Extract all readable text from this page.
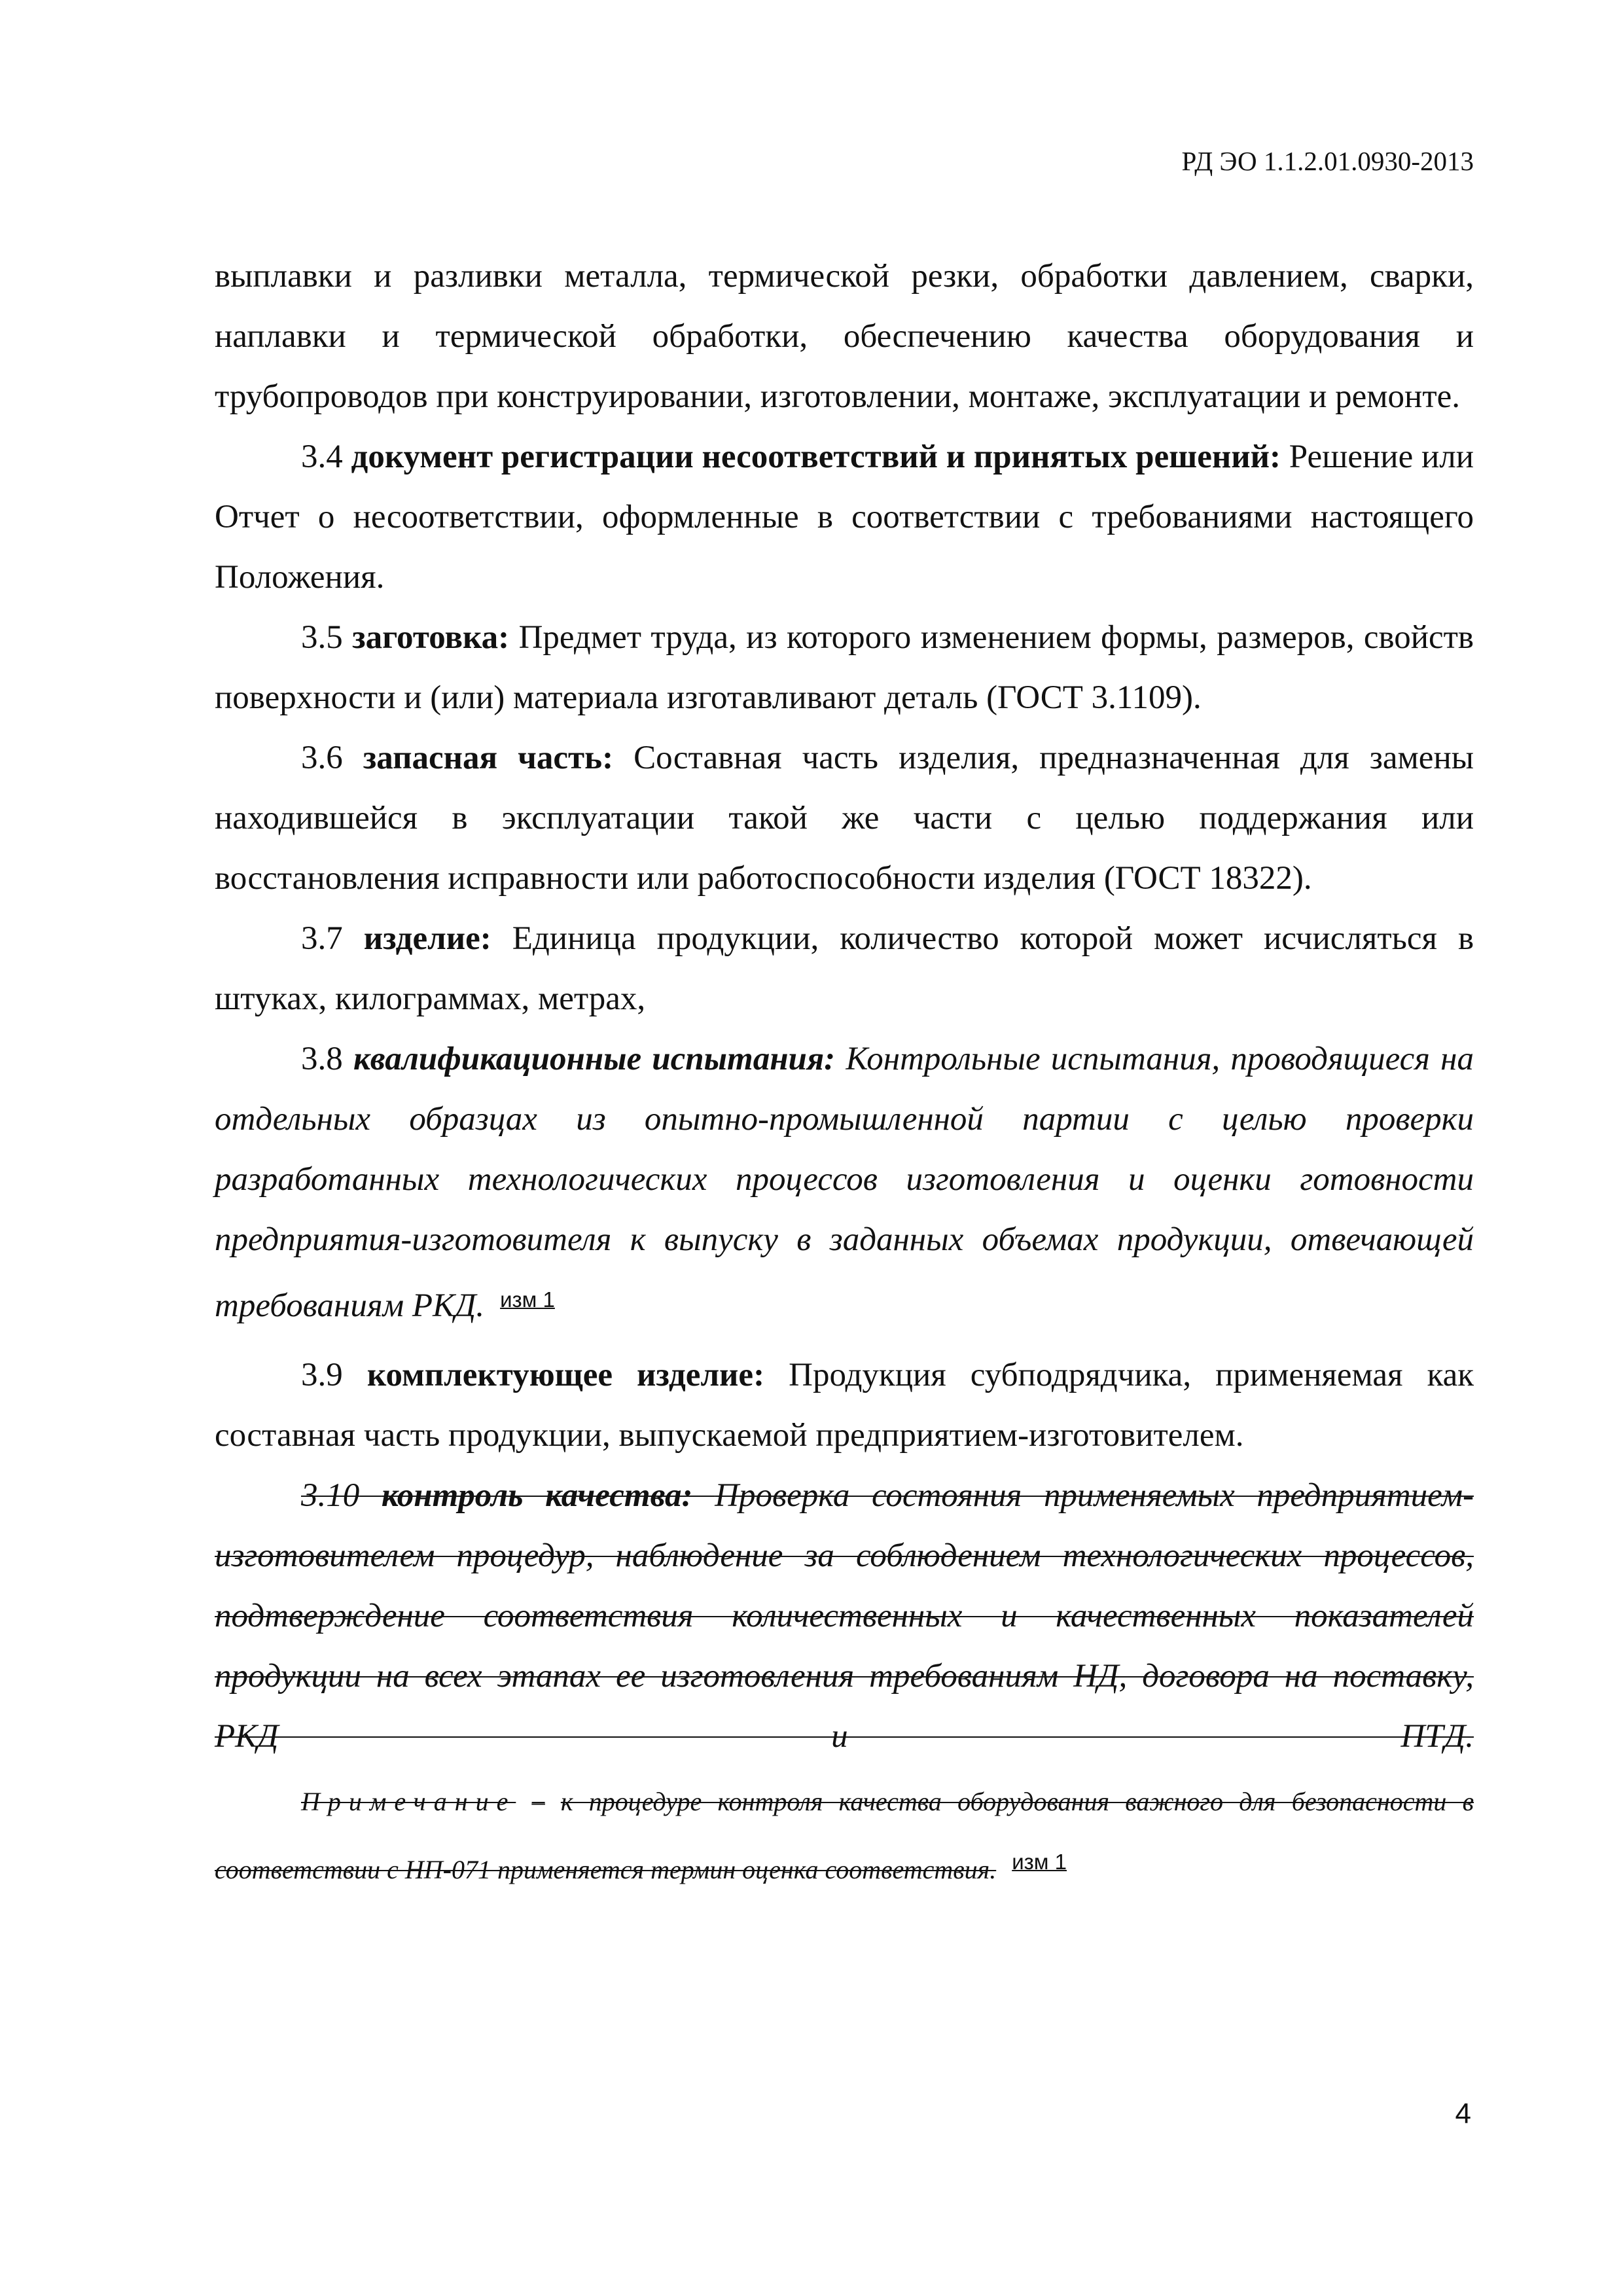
РД ЭО 1.1.2.01.0930-2013

выплавки и разливки металла, термической резки, обработки давлением, сварки, наплавки и термической обработки, обеспечению качества оборудования и трубопроводов при конструировании, изготовлении, монтаже, эксплуатации и ремонте.

3.4 документ регистрации несоответствий и принятых решений: Решение или Отчет о несоответствии, оформленные в соответствии с требованиями настоящего Положения.

3.5 заготовка: Предмет труда, из которого изменением формы, размеров, свойств поверхности и (или) материала изготавливают деталь (ГОСТ 3.1109).

3.6 запасная часть: Составная часть изделия, предназначенная для замены находившейся в эксплуатации такой же части с целью поддержания или восстановления исправности или работоспособности изделия (ГОСТ 18322).

3.7 изделие: Единица продукции, количество которой может исчисляться в штуках, килограммах, метрах,

3.8 квалификационные испытания: Контрольные испытания, проводящиеся на отдельных образцах из опытно-промышленной партии с целью проверки разработанных технологических процессов изготовления и оценки готовности предприятия-изготовителя к выпуску в заданных объемах продукции, отвечающей требованиям РКД. $^{изм 1}$

3.9 комплектующее изделие: Продукция субподрядчика, применяемая как составная часть продукции, выпускаемой предприятием-изготовителем.

3.10 контроль качества: Проверка состояния применяемых предприятием-изготовителем процедур, наблюдение за соблюдением технологических процессов, подтверждение соответствия количественных и качественных показателей продукции на всех этапах ее изготовления требованиям НД, договора на поставку, РКД и ПТД.

Примечание – к процедуре контроля качества оборудования важного для безопасности в соответствии с НП-071 применяется термин оценка соответствия. $^{изм 1}$

4
